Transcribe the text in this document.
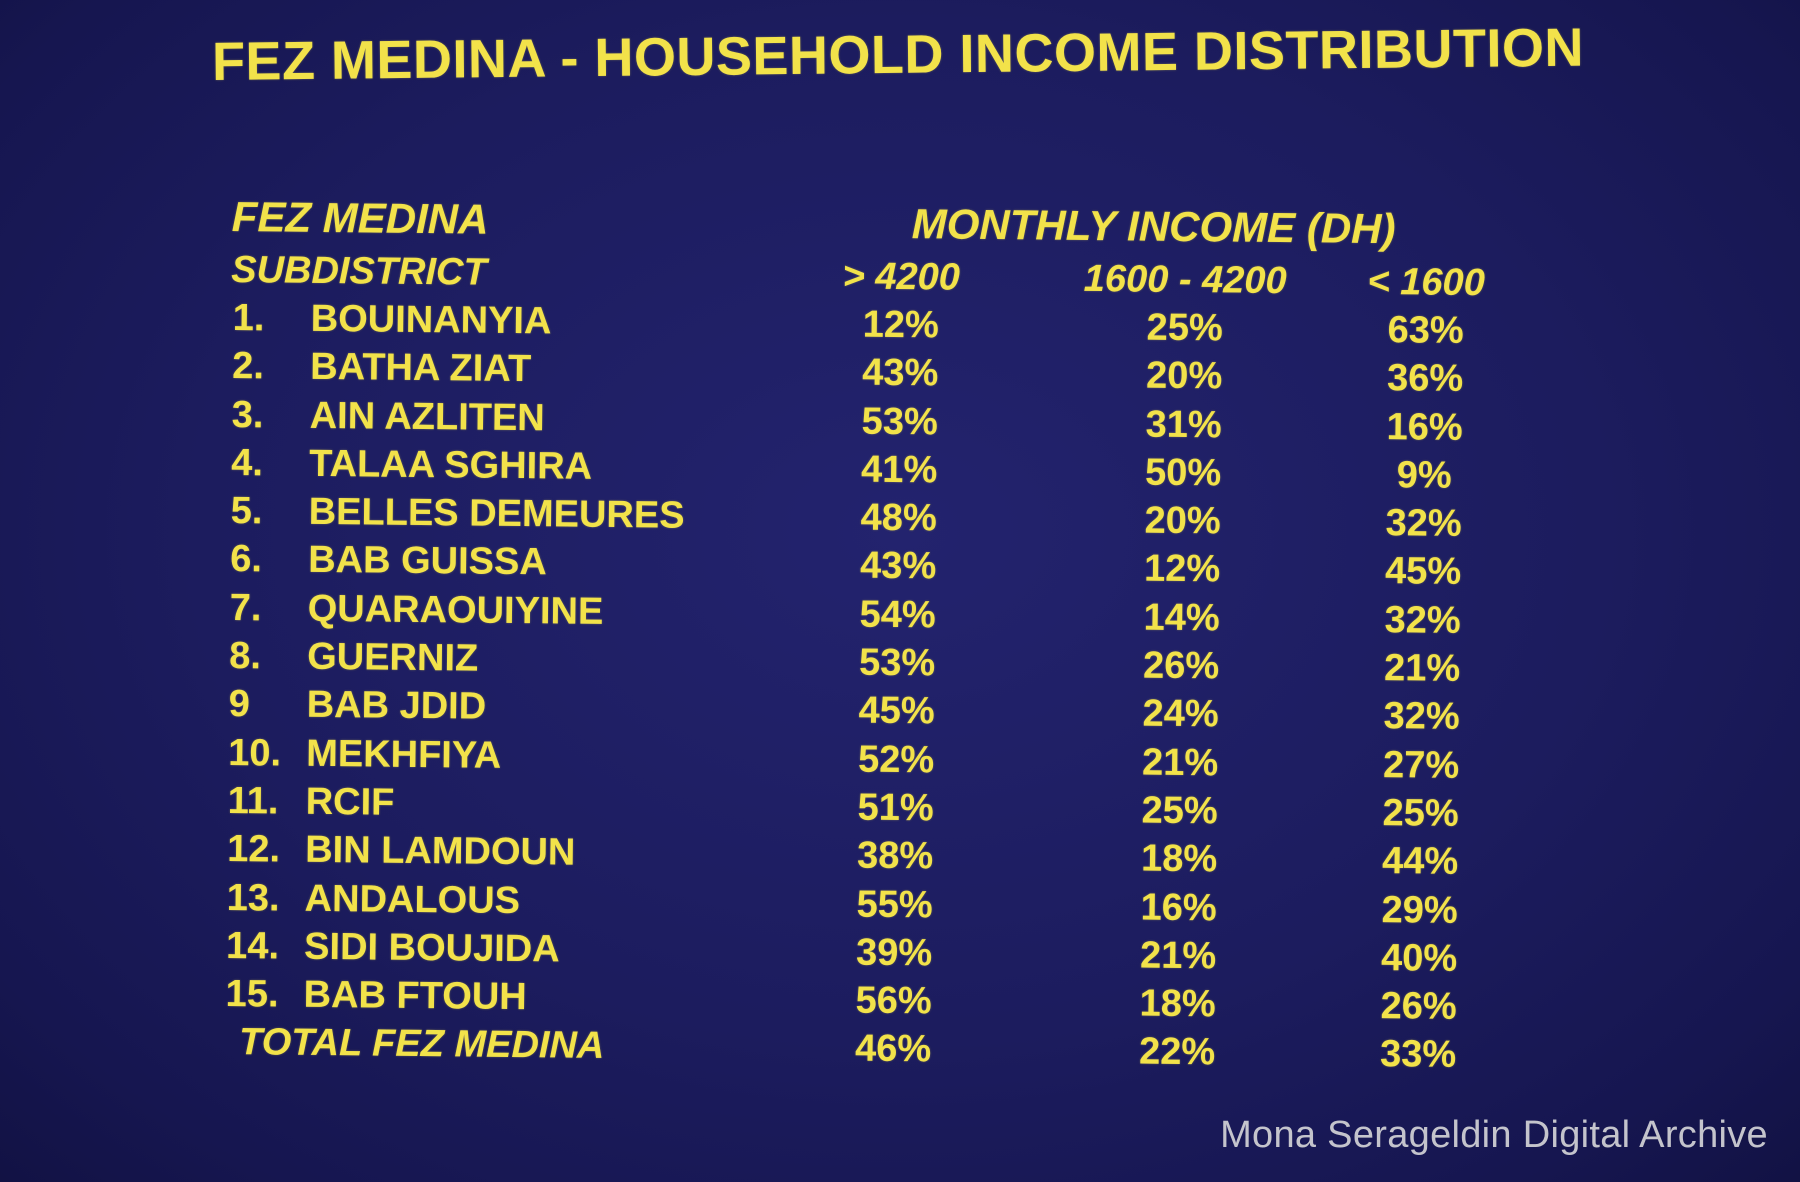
FEZ MEDINA - HOUSEHOLD INCOME DISTRIBUTION
FEZ MEDINA
SUBDISTRICT
MONTHLY INCOME (DH)
> 4200	1600 - 4200	< 1600
1. BOUINANYIA	12%	25%	63%
2. BATHA ZIAT	43%	20%	36%
3. AIN AZLITEN	53%	31%	16%
4. TALAA SGHIRA	41%	50%	9%
5. BELLES DEMEURES	48%	20%	32%
6. BAB GUISSA	43%	12%	45%
7. QUARAOUIYINE	54%	14%	32%
8. GUERNIZ	53%	26%	21%
9 BAB JDID	45%	24%	32%
10. MEKHFIYA	52%	21%	27%
11. RCIF	51%	25%	25%
12. BIN LAMDOUN	38%	18%	44%
13. ANDALOUS	55%	16%	29%
14. SIDI BOUJIDA	39%	21%	40%
15. BAB FTOUH	56%	18%	26%
TOTAL FEZ MEDINA	46%	22%	33%
Mona Serageldin Digital Archive
